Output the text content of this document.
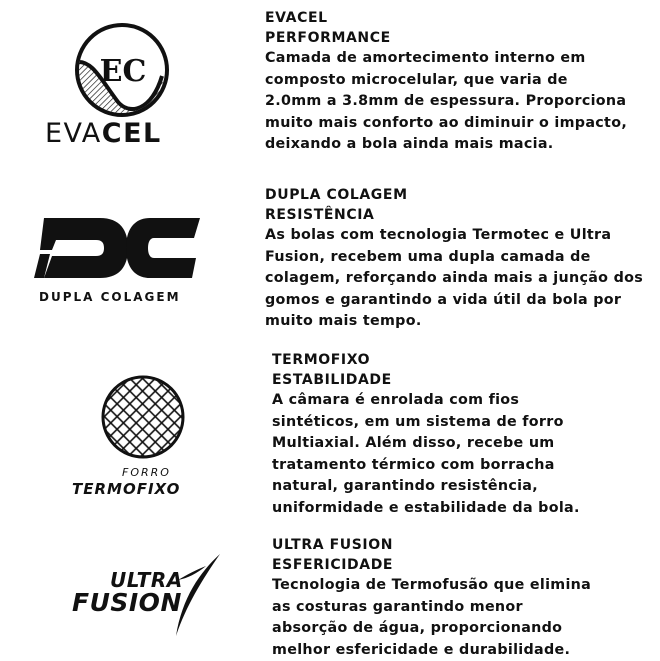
EC
EVACEL
DUPLA COLAGEM
FORRO
TERMOFIXO
ULTRA
FUSION

EVACEL

PERFORMANCE

Camada de amortecimento interno em
composto microcelular, que varia de
2.0mm a 3.8mm de espessura. Proporciona
muito mais conforto ao diminuir o impacto,
deixando a bola ainda mais macia.

DUPLA COLAGEM

RESISTÊNCIA

As bolas com tecnologia Termotec e Ultra
Fusion, recebem uma dupla camada de
colagem, reforçando ainda mais a junção dos
gomos e garantindo a vida útil da bola por
muito mais tempo.

TERMOFIXO

ESTABILIDADE

A câmara é enrolada com fios
sintéticos, em um sistema de forro
Multiaxial. Além disso, recebe um
tratamento térmico com borracha
natural, garantindo resistência,
uniformidade e estabilidade da bola.

ULTRA FUSION

ESFERICIDADE

Tecnologia de Termofusão que elimina
as costuras garantindo menor
absorção de água, proporcionando
melhor esfericidade e durabilidade.
